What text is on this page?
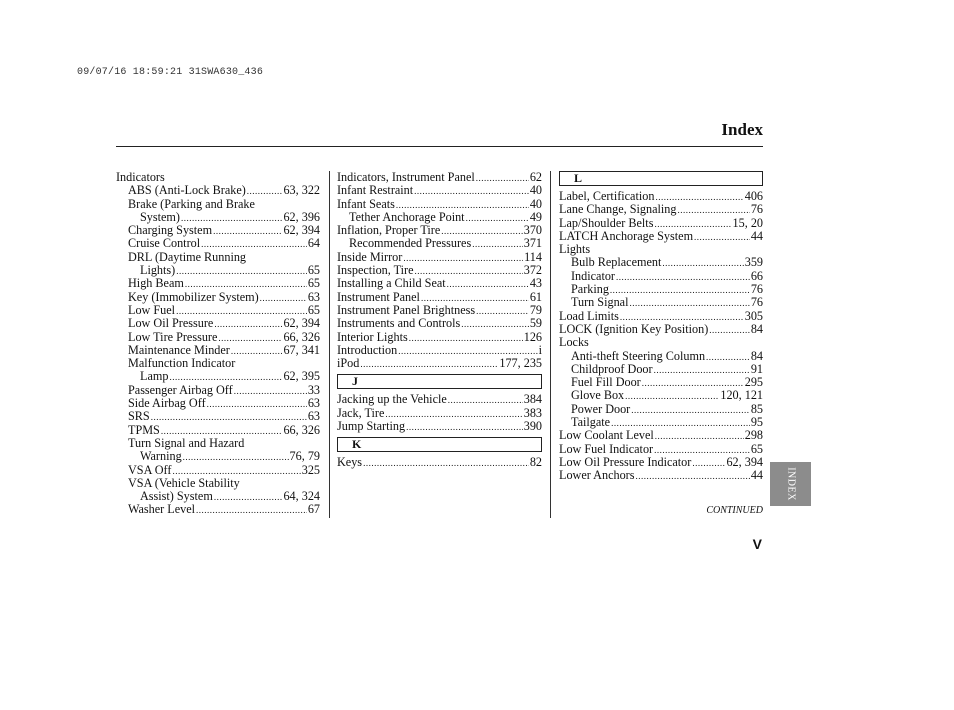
09/07/16 18:59:21 31SWA630_436
Index
Indicators
ABS (Anti-Lock Brake) .....	63, 322
Brake (Parking and Brake
System) .....	62, 396
Charging System .....	62, 394
Cruise Control .....	64
DRL (Daytime Running
Lights) .....	65
High Beam .....	65
Key (Immobilizer System) .....	63
Low Fuel .....	65
Low Oil Pressure .....	62, 394
Low Tire Pressure .....	66, 326
Maintenance Minder .....	67, 341
Malfunction Indicator
Lamp .....	62, 395
Passenger Airbag Off .....	33
Side Airbag Off .....	63
SRS .....	63
TPMS .....	66, 326
Turn Signal and Hazard
Warning .....	76, 79
VSA Off .....	325
VSA (Vehicle Stability
Assist) System .....	64, 324
Washer Level .....	67
Indicators, Instrument Panel .....	62
Infant Restraint .....	40
Infant Seats .....	40
Tether Anchorage Point .....	49
Inflation, Proper Tire .....	370
Recommended Pressures .....	371
Inside Mirror .....	114
Inspection, Tire .....	372
Installing a Child Seat .....	43
Instrument Panel .....	61
Instrument Panel Brightness .....	79
Instruments and Controls .....	59
Interior Lights .....	126
Introduction .....	i
iPod .....	177, 235
J
Jacking up the Vehicle .....	384
Jack, Tire .....	383
Jump Starting .....	390
K
Keys .....	82
L
Label, Certification .....	406
Lane Change, Signaling .....	76
Lap/Shoulder Belts .....	15, 20
LATCH Anchorage System .....	44
Lights
Bulb Replacement .....	359
Indicator .....	66
Parking .....	76
Turn Signal .....	76
Load Limits .....	305
LOCK (Ignition Key Position) .....	84
Locks
Anti-theft Steering Column .....	84
Childproof Door .....	91
Fuel Fill Door .....	295
Glove Box .....	120, 121
Power Door .....	85
Tailgate .....	95
Low Coolant Level .....	298
Low Fuel Indicator .....	65
Low Oil Pressure Indicator .....	62, 394
Lower Anchors .....	44
CONTINUED
V
INDEX
